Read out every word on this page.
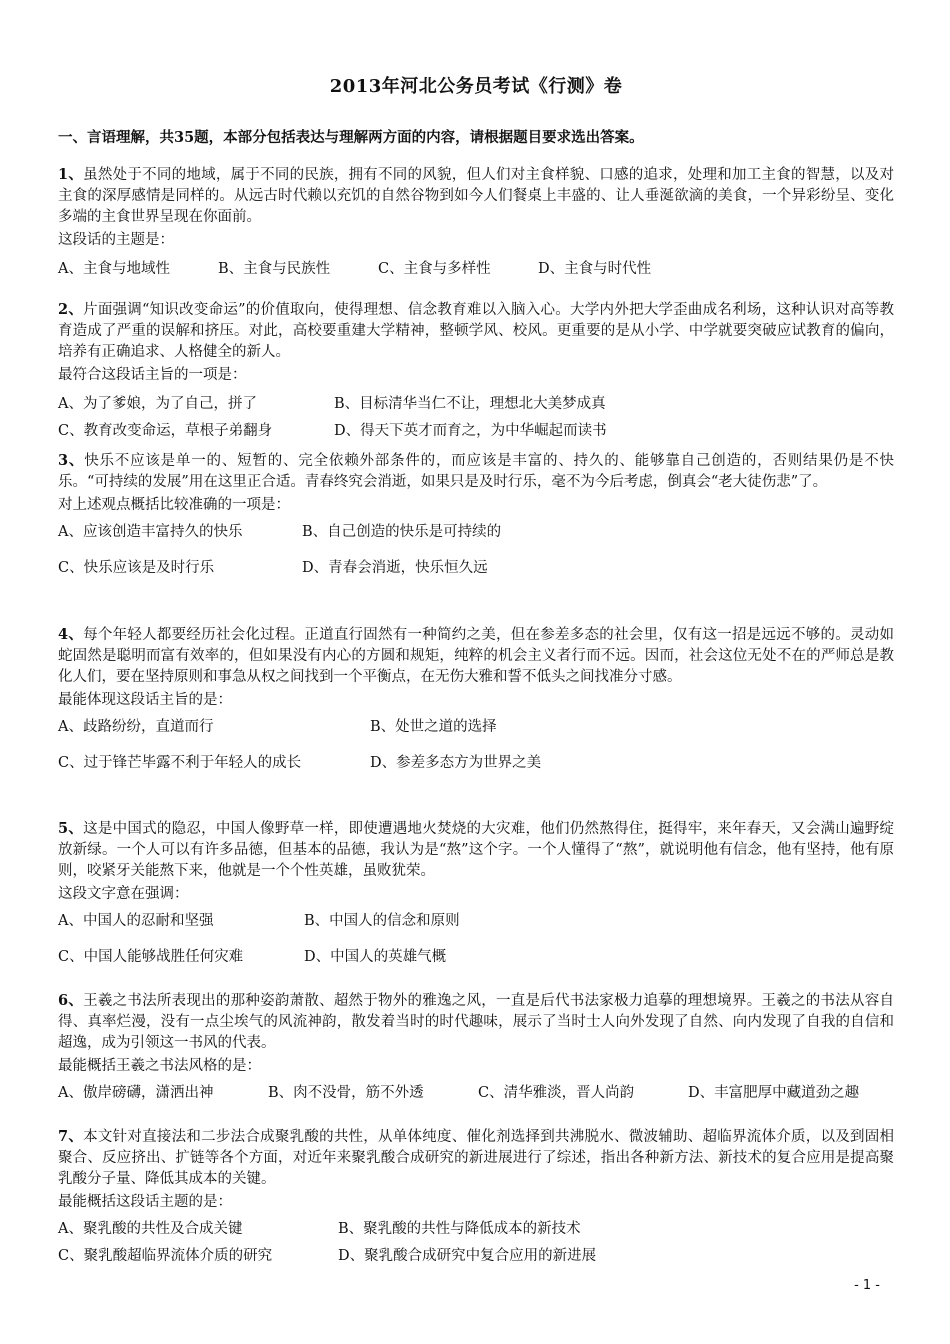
2013年河北公务员考试《行测》卷
一、言语理解，共35题，本部分包括表达与理解两方面的内容，请根据题目要求选出答案。

1、虽然处于不同的地域，属于不同的民族，拥有不同的风貌，但人们对主食样貌、口感的追求，处理和加工主食的智慧，以及对主食的深厚感情是同样的。从远古时代赖以充饥的自然谷物到如今人们餐桌上丰盛的、让人垂涎欲滴的美食，一个异彩纷呈、变化多端的主食世界呈现在你面前。

这段话的主题是：

A、主食与地域性	B、主食与民族性	C、主食与多样性	D、主食与时代性

2、片面强调“知识改变命运”的价值取向，使得理想、信念教育难以入脑入心。大学内外把大学歪曲成名利场，这种认识对高等教育造成了严重的误解和挤压。对此，高校要重建大学精神，整顿学风、校风。更重要的是从小学、中学就要突破应试教育的偏向，培养有正确追求、人格健全的新人。

最符合这段话主旨的一项是：

A、为了爹娘，为了自己，拼了	B、目标清华当仁不让，理想北大美梦成真
C、教育改变命运，草根子弟翻身	D、得天下英才而育之，为中华崛起而读书

3、快乐不应该是单一的、短暂的、完全依赖外部条件的，而应该是丰富的、持久的、能够靠自己创造的，否则结果仍是不快乐。“可持续的发展”用在这里正合适。青春终究会消逝，如果只是及时行乐，毫不为今后考虑，倒真会“老大徒伤悲”了。

对上述观点概括比较准确的一项是：

A、应该创造丰富持久的快乐	B、自己创造的快乐是可持续的
C、快乐应该是及时行乐	D、青春会消逝，快乐恒久远

4、每个年轻人都要经历社会化过程。正道直行固然有一种简约之美，但在参差多态的社会里，仅有这一招是远远不够的。灵动如蛇固然是聪明而富有效率的，但如果没有内心的方圆和规矩，纯粹的机会主义者行而不远。因而，社会这位无处不在的严师总是教化人们，要在坚持原则和事急从权之间找到一个平衡点，在无伤大雅和誓不低头之间找准分寸感。

最能体现这段话主旨的是：

A、歧路纷纷，直道而行	B、处世之道的选择
C、过于锋芒毕露不利于年轻人的成长	D、参差多态方为世界之美

5、这是中国式的隐忍，中国人像野草一样，即使遭遇地火焚烧的大灾难，他们仍然熬得住，挺得牢，来年春天，又会满山遍野绽放新绿。一个人可以有许多品德，但基本的品德，我认为是“熬”这个字。一个人懂得了“熬”，就说明他有信念，他有坚持，他有原则，咬紧牙关能熬下来，他就是一个个性英雄，虽败犹荣。

这段文字意在强调：

A、中国人的忍耐和坚强	B、中国人的信念和原则
C、中国人能够战胜任何灾难	D、中国人的英雄气概

6、王羲之书法所表现出的那种姿韵萧散、超然于物外的雅逸之风，一直是后代书法家极力追摹的理想境界。王羲之的书法从容自得、真率烂漫，没有一点尘埃气的风流神韵，散发着当时的时代趣味，展示了当时士人向外发现了自然、向内发现了自我的自信和超逸，成为引领这一书风的代表。

最能概括王羲之书法风格的是：

A、傲岸磅礴，潇洒出神	B、肉不没骨，筋不外透	C、清华雅淡，晋人尚韵	D、丰富肥厚中藏道劲之趣

7、本文针对直接法和二步法合成聚乳酸的共性，从单体纯度、催化剂选择到共沸脱水、微波辅助、超临界流体介质，以及到固相聚合、反应挤出、扩链等各个方面，对近年来聚乳酸合成研究的新进展进行了综述，指出各种新方法、新技术的复合应用是提高聚乳酸分子量、降低其成本的关键。

最能概括这段话主题的是：

A、聚乳酸的共性及合成关键	B、聚乳酸的共性与降低成本的新技术
C、聚乳酸超临界流体介质的研究	D、聚乳酸合成研究中复合应用的新进展
- 1 -
